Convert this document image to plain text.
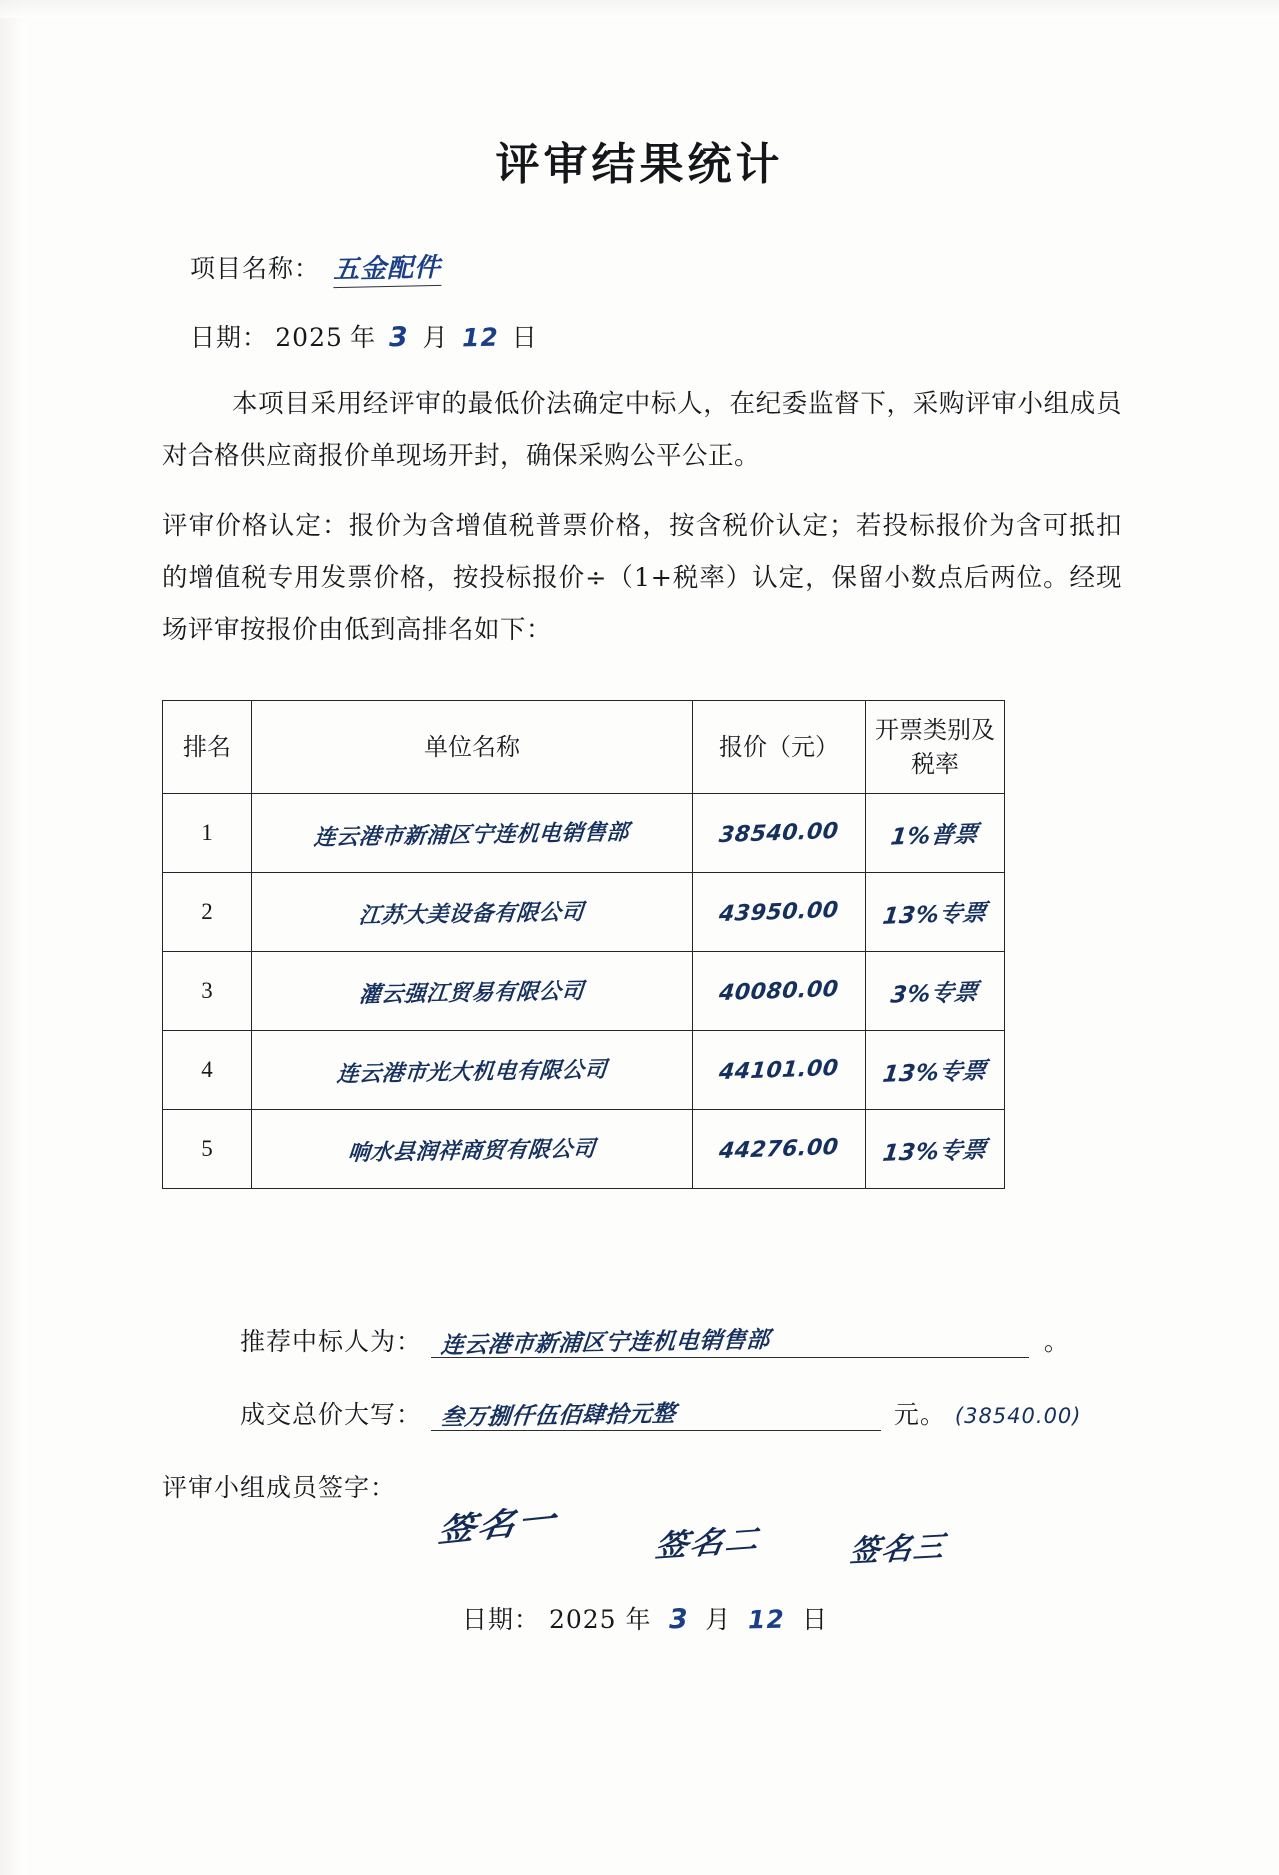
评审结果统计
项目名称： 五金配件
日期： 2025 年 3 月 12 日
本项目采用经评审的最低价法确定中标人，在纪委监督下，采购评审小组成员对合格供应商报价单现场开封，确保采购公平公正。
评审价格认定：报价为含增值税普票价格，按含税价认定；若投标报价为含可抵扣的增值税专用发票价格，按投标报价÷（1+税率）认定，保留小数点后两位。经现场评审按报价由低到高排名如下：
排名	单位名称	报价（元）	开票类别及税率
1	连云港市新浦区宁连机电销售部	38540.00	1%普票
2	江苏大美设备有限公司	43950.00	13%专票
3	灌云强江贸易有限公司	40080.00	3%专票
4	连云港市光大机电有限公司	44101.00	13%专票
5	响水县润祥商贸有限公司	44276.00	13%专票
推荐中标人为： 连云港市新浦区宁连机电销售部	。
成交总价大写： 叁万捌仟伍佰肆拾元整	元。 (38540.00)
评审小组成员签字：
签名一	签名二	签名三
日期： 2025 年 3 月 12 日
